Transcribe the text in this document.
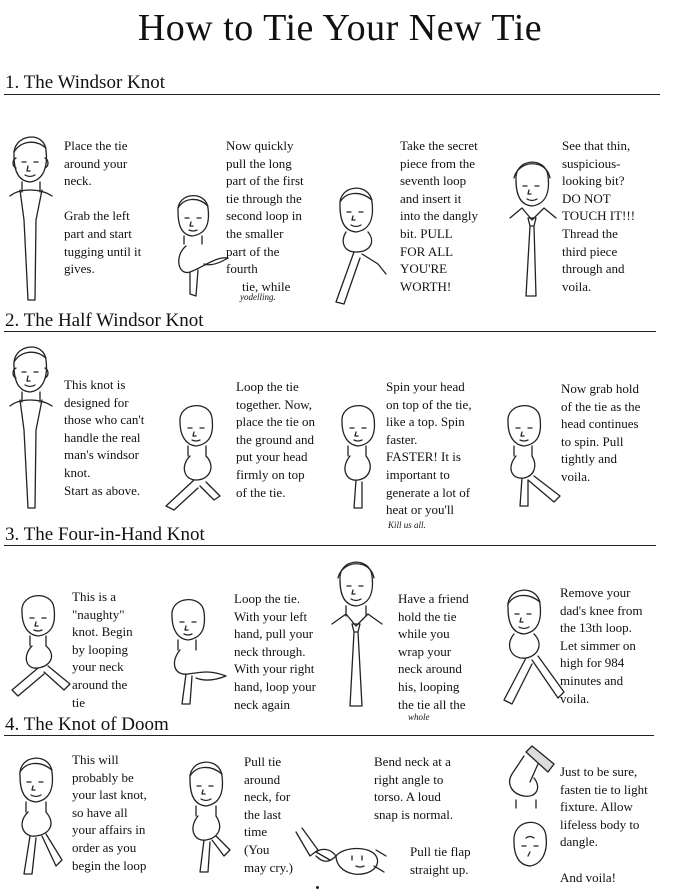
How to Tie Your New Tie
1. The Windsor Knot
Place the tie
around your
neck.

Grab the left
part and start
tugging until it
gives.
Now quickly
pull the long
part of the first
tie through the
second loop in
the smaller
part of the
fourth
tie, while
yodelling.
Take the secret
piece from the
seventh loop
and insert it
into the dangly
bit. PULL
FOR ALL
YOU'RE
WORTH!
See that thin,
suspicious-
looking bit?
DO NOT
TOUCH IT!!!
Thread the
third piece
through and
voila.
2. The Half Windsor Knot
This knot is
designed for
those who can't
handle the real
man's windsor
knot.
Start as above.
Loop the tie
together. Now,
place the tie on
the ground and
put your head
firmly on top
of the tie.
Spin your head
on top of the tie,
like a top. Spin
faster.
FASTER! It is
important to
generate a lot of
heat or you'll
Kill us all.
Now grab hold
of the tie as the
head continues
to spin. Pull
tightly and
voila.
3. The Four-in-Hand Knot
This is a
"naughty"
knot. Begin
by looping
your neck
around the
tie
Loop the tie.
With your left
hand, pull your
neck through.
With your right
hand, loop your
neck again
Have a friend
hold the tie
while you
wrap your
neck around
his, looping
the tie all the
whole
Remove your
dad's knee from
the 13th loop.
Let simmer on
high for 984
minutes and
voila.
4. The Knot of Doom
This will
probably be
your last knot,
so have all
your affairs in
order as you
begin the loop
Pull tie
around
neck, for
the last
time
(You
may cry.)
Bend neck at a
right angle to
torso. A loud
snap is normal.
Pull tie flap
straight up.
Just to be sure,
fasten tie to light
fixture. Allow
lifeless body to
dangle.

And voila!
